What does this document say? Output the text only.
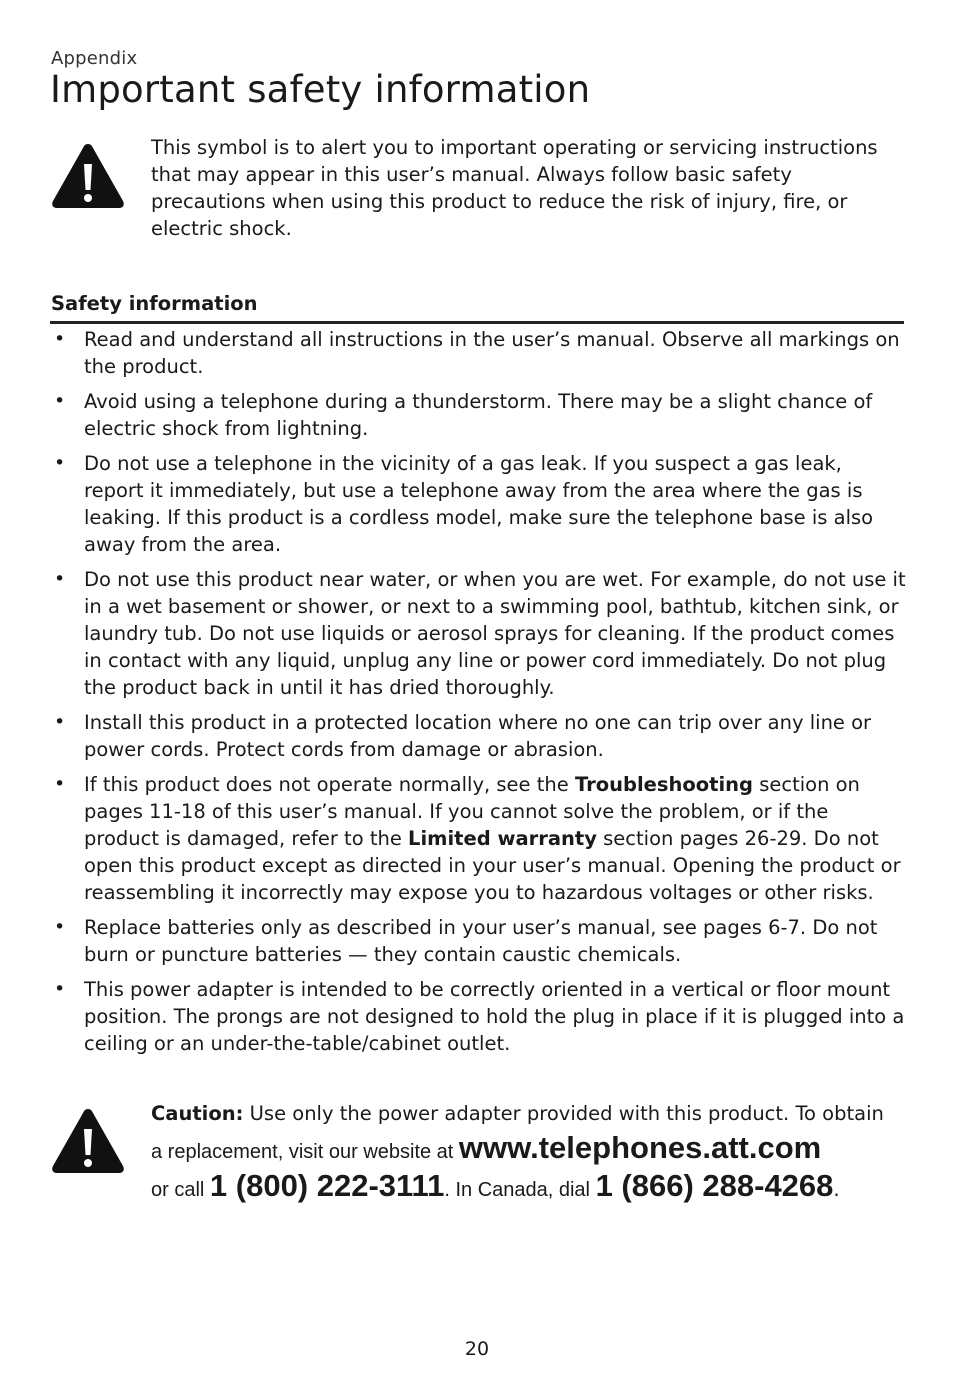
Appendix
Important safety information

This symbol is to alert you to important operating or servicing instructions that may appear in this user’s manual. Always follow basic safety precautions when using this product to reduce the risk of injury, fire, or electric shock.

Safety information
• Read and understand all instructions in the user’s manual. Observe all markings on the product.
• Avoid using a telephone during a thunderstorm. There may be a slight chance of electric shock from lightning.
• Do not use a telephone in the vicinity of a gas leak. If you suspect a gas leak, report it immediately, but use a telephone away from the area where the gas is leaking. If this product is a cordless model, make sure the telephone base is also away from the area.
• Do not use this product near water, or when you are wet. For example, do not use it in a wet basement or shower, or next to a swimming pool, bathtub, kitchen sink, or laundry tub. Do not use liquids or aerosol sprays for cleaning. If the product comes in contact with any liquid, unplug any line or power cord immediately. Do not plug the product back in until it has dried thoroughly.
• Install this product in a protected location where no one can trip over any line or power cords. Protect cords from damage or abrasion.
• If this product does not operate normally, see the Troubleshooting section on pages 11-18 of this user’s manual. If you cannot solve the problem, or if the product is damaged, refer to the Limited warranty section pages 26-29. Do not open this product except as directed in your user’s manual. Opening the product or reassembling it incorrectly may expose you to hazardous voltages or other risks.
• Replace batteries only as described in your user’s manual, see pages 6-7. Do not burn or puncture batteries — they contain caustic chemicals.
• This power adapter is intended to be correctly oriented in a vertical or floor mount position. The prongs are not designed to hold the plug in place if it is plugged into a ceiling or an under-the-table/cabinet outlet.

Caution: Use only the power adapter provided with this product. To obtain
a replacement, visit our website at www.telephones.att.com
or call 1 (800) 222-3111. In Canada, dial 1 (866) 288-4268.

20
